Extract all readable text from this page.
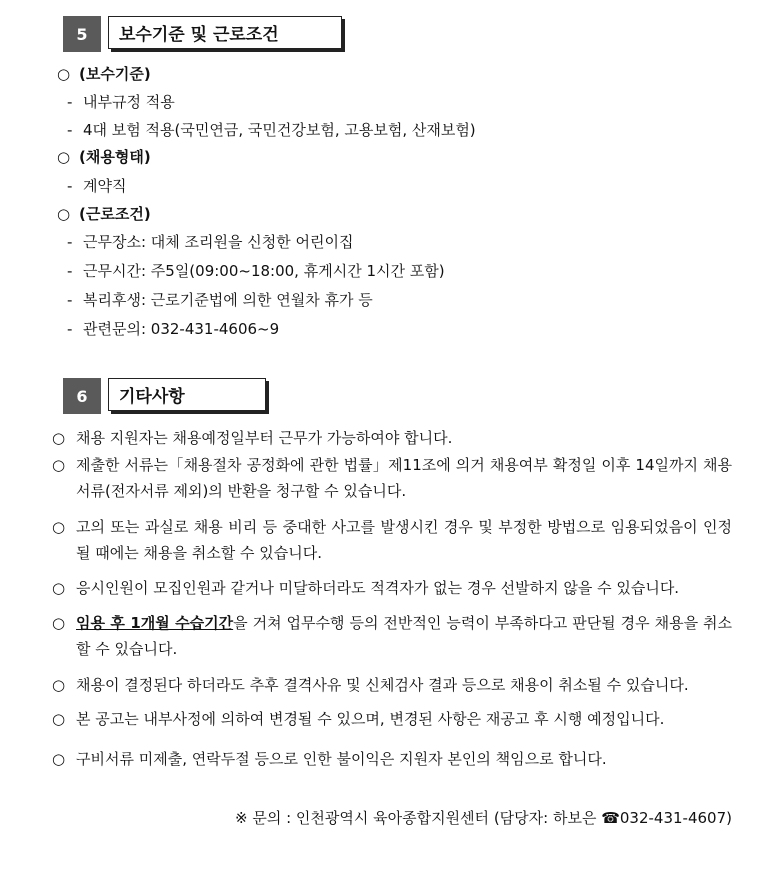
5	보수기준 및 근로조건
○ (보수기준)
- 내부규정 적용
- 4대 보험 적용(국민연금, 국민건강보험, 고용보험, 산재보험)
○ (채용형태)
- 계약직
○ (근로조건)
- 근무장소: 대체 조리원을 신청한 어린이집
- 근무시간: 주5일(09:00~18:00, 휴게시간 1시간 포함)
- 복리후생: 근로기준법에 의한 연월차 휴가 등
- 관련문의: 032-431-4606~9
6	기타사항
○ 채용 지원자는 채용예정일부터 근무가 가능하여야 합니다.
○ 제출한 서류는「채용절차 공정화에 관한 법률」제11조에 의거 채용여부 확정일 이후 14일까지 채용서류(전자서류 제외)의 반환을 청구할 수 있습니다.
○ 고의 또는 과실로 채용 비리 등 중대한 사고를 발생시킨 경우 및 부정한 방법으로 임용되었음이 인정될 때에는 채용을 취소할 수 있습니다.
○ 응시인원이 모집인원과 같거나 미달하더라도 적격자가 없는 경우 선발하지 않을 수 있습니다.
○ 임용 후 1개월 수습기간을 거쳐 업무수행 등의 전반적인 능력이 부족하다고 판단될 경우 채용을 취소할 수 있습니다.
○ 채용이 결정된다 하더라도 추후 결격사유 및 신체검사 결과 등으로 채용이 취소될 수 있습니다.
○ 본 공고는 내부사정에 의하여 변경될 수 있으며, 변경된 사항은 재공고 후 시행 예정입니다.
○ 구비서류 미제출, 연락두절 등으로 인한 불이익은 지원자 본인의 책임으로 합니다.
※ 문의 : 인천광역시 육아종합지원센터 (담당자: 하보은 ☎032-431-4607)
